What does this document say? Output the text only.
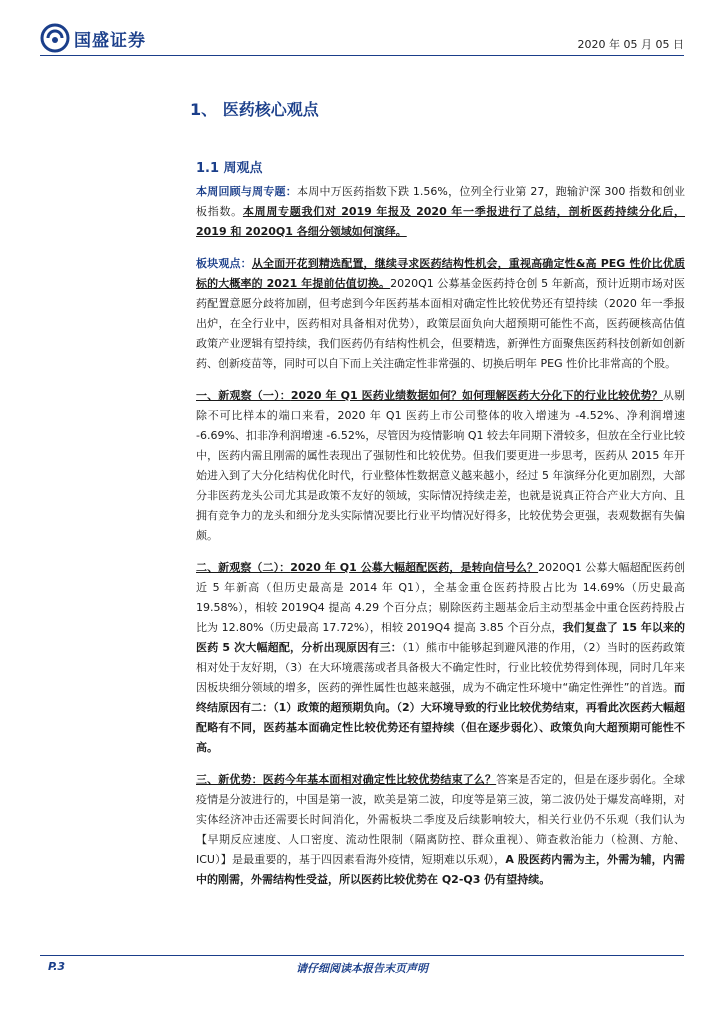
国盛证券	2020 年 05 月 05 日
1、 医药核心观点
1.1 周观点

本周回顾与周专题：本周中万医药指数下跌 1.56%，位列全行业第 27，跑输沪深 300 指数和创业板指数。本周周专题我们对 2019 年报及 2020 年一季报进行了总结，剖析医药持续分化后，2019 和 2020Q1 各细分领域如何演绎。

板块观点：从全面开花到精选配置，继续寻求医药结构性机会，重视高确定性&高 PEG 性价比优质标的大概率的 2021 年提前估值切换。2020Q1 公募基金医药持仓创 5 年新高，预计近期市场对医药配置意愿分歧将加剧，但考虑到今年医药基本面相对确定性比较优势还有望持续（2020 年一季报出炉，在全行业中，医药相对具备相对优势），政策层面负向大超预期可能性不高，医药硬核高估值政策产业逻辑有望持续，我们医药仍有结构性机会，但要精选，新弹性方面聚焦医药科技创新如创新药、创新疫苗等，同时可以自下而上关注确定性非常强的、切换后明年 PEG 性价比非常高的个股。

一、新观察（一）：2020 年 Q1 医药业绩数据如何？如何理解医药大分化下的行业比较优势？从剔除不可比样本的端口来看，2020 年 Q1 医药上市公司整体的收入增速为 -4.52%、净利润增速 -6.69%、扣非净利润增速 -6.52%，尽管因为疫情影响 Q1 较去年同期下滑较多，但放在全行业比较中，医药内需且刚需的属性表现出了强韧性和比较优势。但我们要更进一步思考，医药从 2015 年开始进入到了大分化结构优化时代，行业整体性数据意义越来越小，经过 5 年演绎分化更加剧烈，大部分非医药龙头公司尤其是政策不友好的领域，实际情况持续走差，也就是说真正符合产业大方向、且拥有竞争力的龙头和细分龙头实际情况要比行业平均情况好得多，比较优势会更强，表观数据有失偏颇。

二、新观察（二）：2020 年 Q1 公募大幅超配医药，是转向信号么？2020Q1 公募大幅超配医药创近 5 年新高（但历史最高是 2014 年 Q1），全基金重仓医药持股占比为 14.69%（历史最高 19.58%），相较 2019Q4 提高 4.29 个百分点；剔除医药主题基金后主动型基金中重仓医药持股占比为 12.80%（历史最高 17.72%），相较 2019Q4 提高 3.85 个百分点，我们复盘了 15 年以来的医药 5 次大幅超配，分析出现原因有三：（1）熊市中能够起到避风港的作用，（2）当时的医药政策相对处于友好期，（3）在大环境震荡或者具备极大不确定性时，行业比较优势得到体现，同时几年来因板块细分领域的增多，医药的弹性属性也越来越强，成为不确定性环境中“确定性弹性”的首选。而终结原因有二：（1）政策的超预期负向。（2）大环境导致的行业比较优势结束，再看此次医药大幅超配略有不同，医药基本面确定性比较优势还有望持续（但在逐步弱化）、政策负向大超预期可能性不高。

三、新优势：医药今年基本面相对确定性比较优势结束了么？答案是否定的，但是在逐步弱化。全球疫情是分波进行的，中国是第一波，欧美是第二波，印度等是第三波，第二波仍处于爆发高峰期，对实体经济冲击还需要长时间消化，外需板块二季度及后续影响较大，相关行业仍不乐观（我们认为【早期反应速度、人口密度、流动性限制（隔离防控、群众重视）、筛查救治能力（检测、方舱、ICU）】是最重要的，基于四因素看海外疫情，短期难以乐观），A 股医药内需为主，外需为辅，内需中的刚需，外需结构性受益，所以医药比较优势在 Q2-Q3 仍有望持续。

P.3	请仔细阅读本报告末页声明
